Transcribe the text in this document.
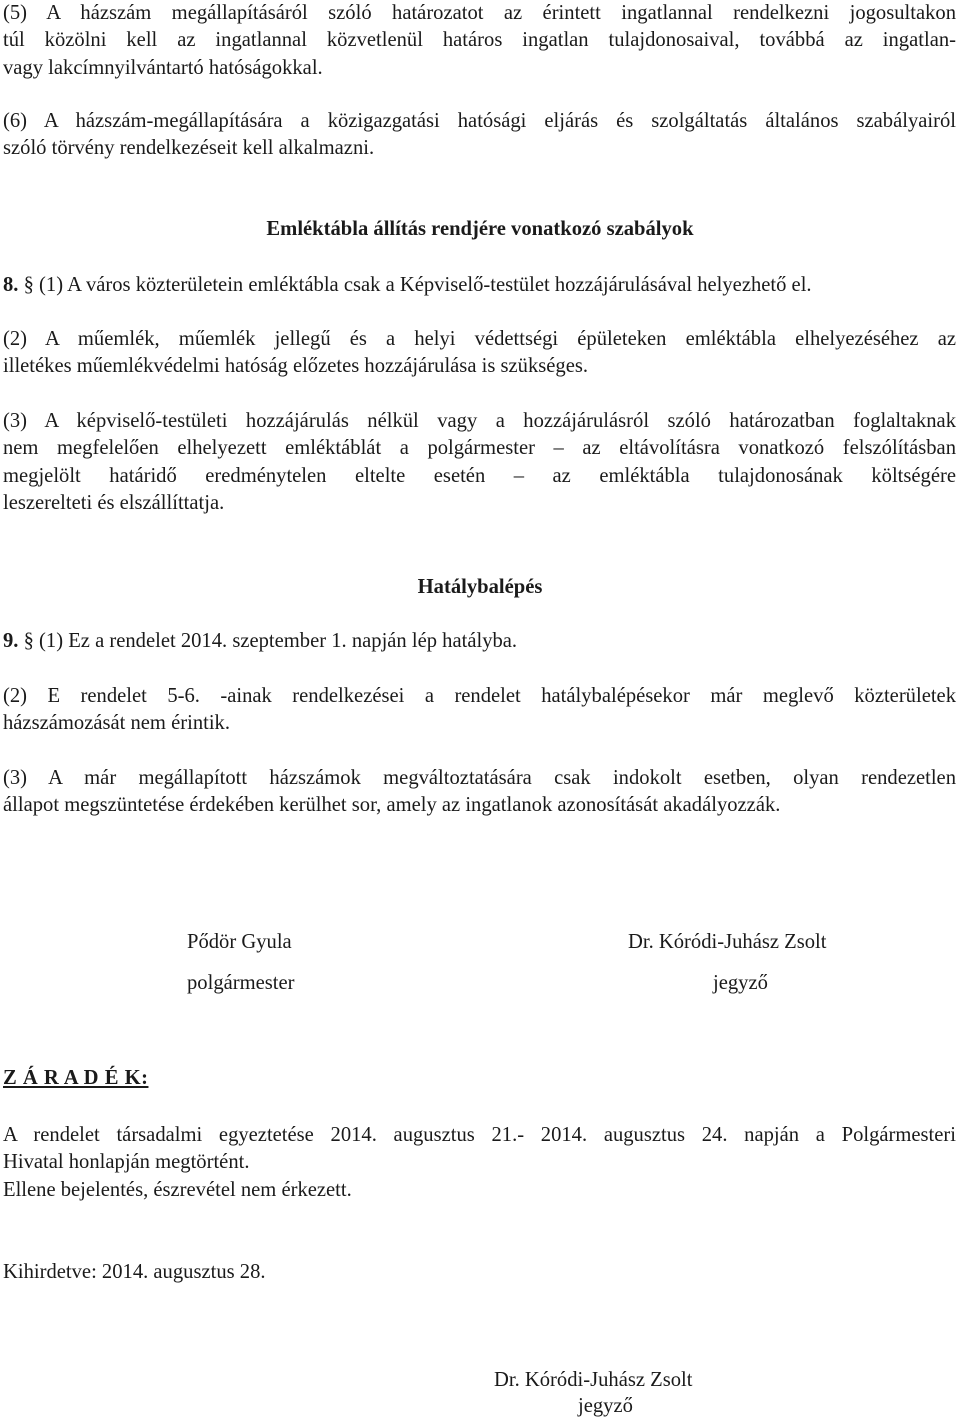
(5) A házszám megállapításáról szóló határozatot az érintett ingatlannal rendelkezni jogosultakon
túl közölni kell az ingatlannal közvetlenül határos ingatlan tulajdonosaival, továbbá az ingatlan-
vagy lakcímnyilvántartó hatóságokkal.
(6) A házszám-megállapítására a közigazgatási hatósági eljárás és szolgáltatás általános szabályairól
szóló törvény rendelkezéseit kell alkalmazni.
Emléktábla állítás rendjére vonatkozó szabályok
8. § (1) A város közterületein emléktábla csak a Képviselő-testület hozzájárulásával helyezhető el.
(2) A műemlék, műemlék jellegű és a helyi védettségi épületeken emléktábla elhelyezéséhez az
illetékes műemlékvédelmi hatóság előzetes hozzájárulása is szükséges.
(3) A képviselő-testületi hozzájárulás nélkül vagy a hozzájárulásról szóló határozatban foglaltaknak
nem megfelelően elhelyezett emléktáblát a polgármester – az eltávolításra vonatkozó felszólításban
megjelölt határidő eredménytelen eltelte esetén – az emléktábla tulajdonosának költségére
leszerelteti és elszállíttatja.
Hatálybalépés
9. § (1) Ez a rendelet 2014. szeptember 1. napján lép hatályba.
(2) E rendelet 5-6. -ainak rendelkezései a rendelet hatálybalépésekor már meglevő közterületek
házszámozását nem érintik.
(3) A már megállapított házszámok megváltoztatására csak indokolt esetben, olyan rendezetlen
állapot megszüntetése érdekében kerülhet sor, amely az ingatlanok azonosítását akadályozzák.
Pődör Gyula
polgármester
Dr. Kóródi-Juhász Zsolt
jegyző
Z Á R A D É K:
A rendelet társadalmi egyeztetése 2014. augusztus 21.- 2014. augusztus 24. napján a Polgármesteri
Hivatal honlapján megtörtént.
Ellene bejelentés, észrevétel nem érkezett.
Kihirdetve: 2014. augusztus 28.
Dr. Kóródi-Juhász Zsolt
jegyző
